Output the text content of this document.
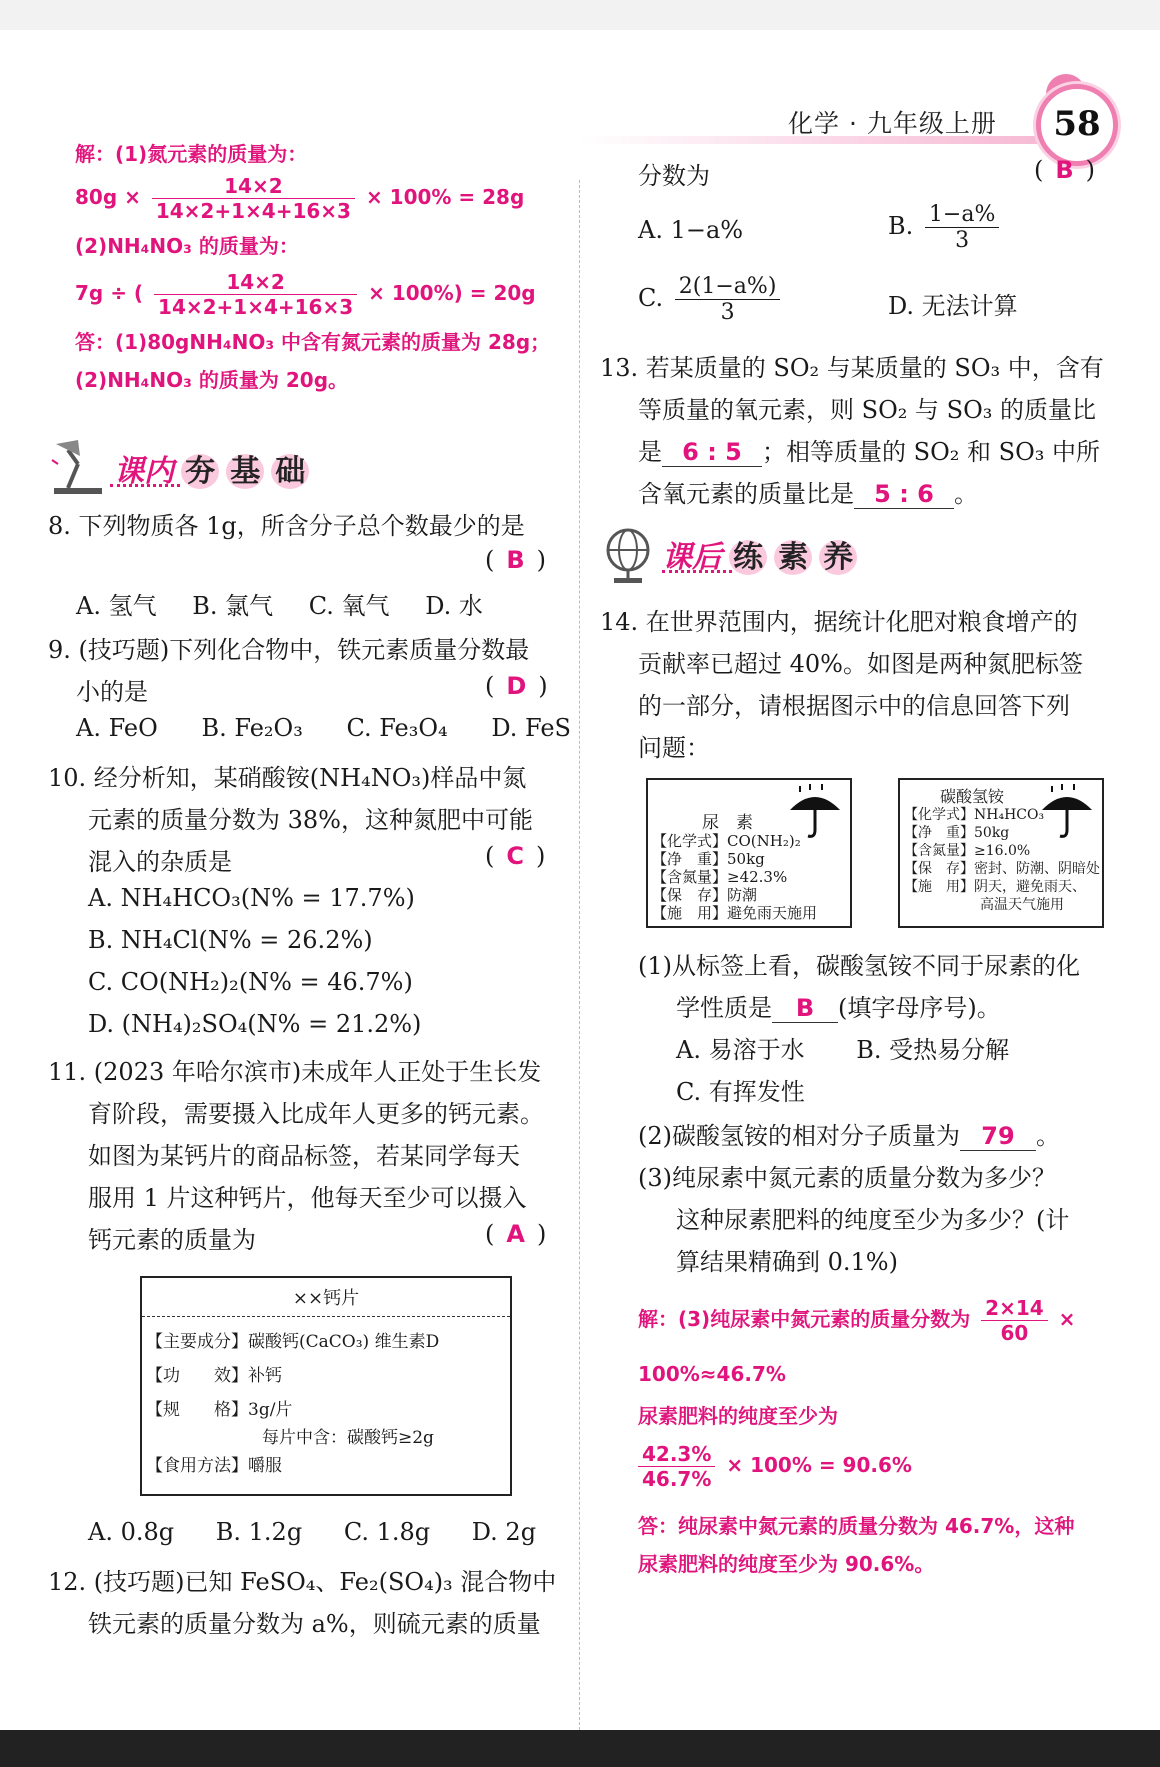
化学 · 九年级上册	58
解：(1)氮元素的质量为：
$80g \times \frac{14\times 2}{14\times 2+1\times 4+16\times 3} \times 100\% = 28g$
(2)NH₄NO₃ 的质量为：
7g ÷ ( $\frac{14\times 2}{14\times 2+1\times 4+16\times 3} \times 100\%) = 20g$
答：(1)80gNH₄NO₃ 中含有氮元素的质量为 28g；
(2)NH₄NO₃ 的质量为 20g。
课内 夯 基 础
8. 下列物质各 1g，所含分子总个数最少的是
( B )
A. 氢气 B. 氯气 C. 氧气 D. 水
9. (技巧题)下列化合物中，铁元素质量分数最
小的是	( D )
A. FeO B. Fe₂O₃ C. Fe₃O₄ D. FeS
10. 经分析知，某硝酸铵(NH₄NO₃)样品中氮
元素的质量分数为 38%，这种氮肥中可能
混入的杂质是	( C )
A. NH₄HCO₃(N% = 17.7%)
B. NH₄Cl(N% = 26.2%)
C. CO(NH₂)₂(N% = 46.7%)
D. (NH₄)₂SO₄(N% = 21.2%)
11. (2023 年哈尔滨市)未成年人正处于生长发
育阶段，需要摄入比成年人更多的钙元素。
如图为某钙片的商品标签，若某同学每天
服用 1 片这种钙片，他每天至少可以摄入
钙元素的质量为	( A )
××钙片
【主要成分】碳酸钙(CaCO₃) 维生素D
【功　　效】补钙
【规　　格】3g/片
每片中含：碳酸钙≥2g
【食用方法】嚼服
A. 0.8g B. 1.2g C. 1.8g D. 2g
12. (技巧题)已知 FeSO₄、Fe₂(SO₄)₃ 混合物中
铁元素的质量分数为 a%，则硫元素的质量
分数为	( B )
A. 1−a%	B. $\frac{1-a\%}{3}$
C. $\frac{2(1-a\%)}{3}$	D. 无法计算
13. 若某质量的 SO₂ 与某质量的 SO₃ 中，含有
等质量的氧元素，则 SO₂ 与 SO₃ 的质量比
是 6 : 5 ；相等质量的 SO₂ 和 SO₃ 中所
含氧元素的质量比是 5 : 6 。
课后 练 素 养
14. 在世界范围内，据统计化肥对粮食增产的
贡献率已超过 40%。如图是两种氮肥标签
的一部分，请根据图示中的信息回答下列
问题：
尿　素
【化学式】CO(NH₂)₂
【净　重】50kg
【含氮量】≥42.3%
【保　存】防潮
【施　用】避免雨天施用
碳酸氢铵
【化学式】NH₄HCO₃
【净　重】50kg
【含氮量】≥16.0%
【保　存】密封、防潮、阴暗处
【施　用】阴天，避免雨天、
高温天气施用
(1)从标签上看，碳酸氢铵不同于尿素的化
学性质是 B (填字母序号)。
A. 易溶于水 B. 受热易分解
C. 有挥发性
(2)碳酸氢铵的相对分子质量为 79 。
(3)纯尿素中氮元素的质量分数为多少？
这种尿素肥料的纯度至少为多少？(计
算结果精确到 0.1%)
解：(3)纯尿素中氮元素的质量分数为 $\frac{2\times 14}{60}$ ×
100%≈46.7%
尿素肥料的纯度至少为
$\frac{42.3\%}{46.7\%} \times 100\% = 90.6\%$
答：纯尿素中氮元素的质量分数为 46.7%，这种
尿素肥料的纯度至少为 90.6%。
